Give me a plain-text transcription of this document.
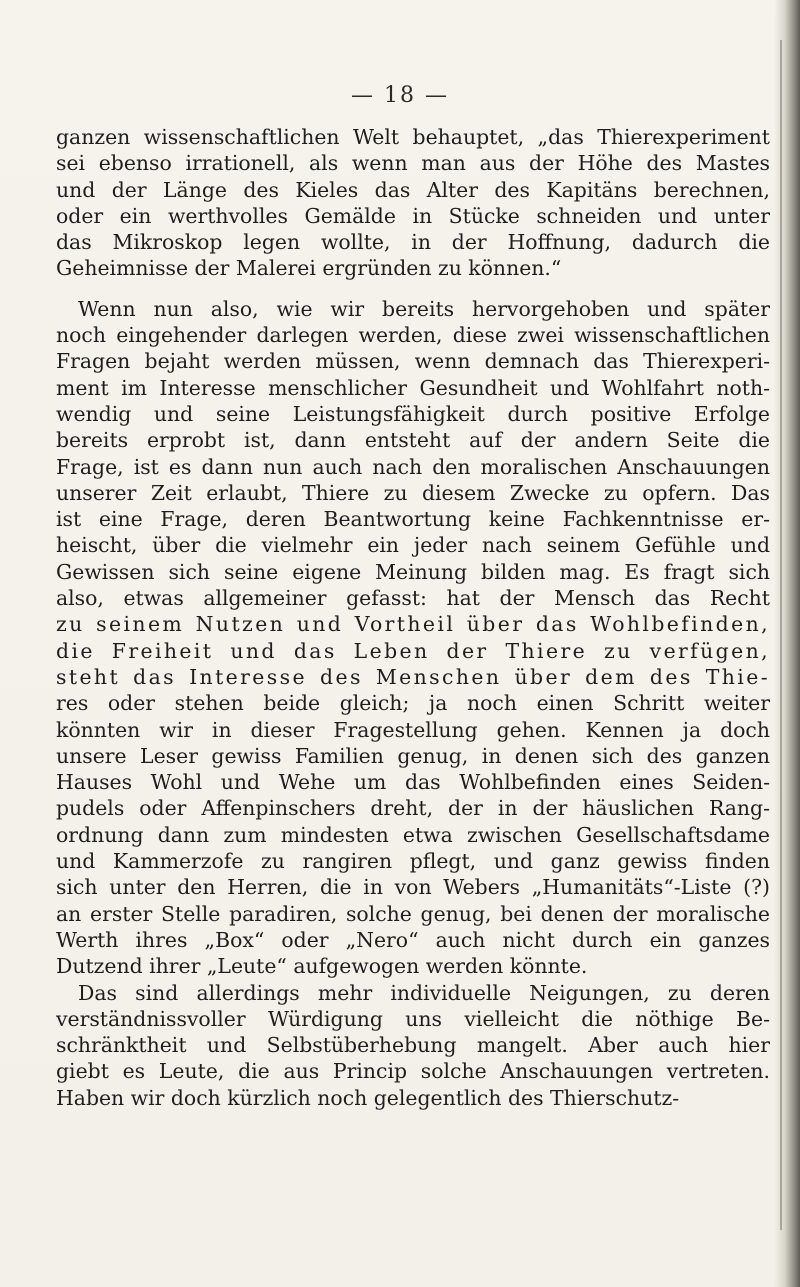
— 18 —
ganzen wissenschaftlichen Welt behauptet, „das Thierexperiment
sei ebenso irrationell, als wenn man aus der Höhe des Mastes
und der Länge des Kieles das Alter des Kapitäns berechnen,
oder ein werthvolles Gemälde in Stücke schneiden und unter
das Mikroskop legen wollte, in der Hoffnung, dadurch die
Geheimnisse der Malerei ergründen zu können.“
Wenn nun also, wie wir bereits hervorgehoben und später
noch eingehender darlegen werden, diese zwei wissenschaftlichen
Fragen bejaht werden müssen, wenn demnach das Thierexperi-
ment im Interesse menschlicher Gesundheit und Wohlfahrt noth-
wendig und seine Leistungsfähigkeit durch positive Erfolge
bereits erprobt ist, dann entsteht auf der andern Seite die
Frage, ist es dann nun auch nach den moralischen Anschauungen
unserer Zeit erlaubt, Thiere zu diesem Zwecke zu opfern. Das
ist eine Frage, deren Beantwortung keine Fachkenntnisse er-
heischt, über die vielmehr ein jeder nach seinem Gefühle und
Gewissen sich seine eigene Meinung bilden mag. Es fragt sich
also, etwas allgemeiner gefasst: hat der Mensch das Recht
zu seinem Nutzen und Vortheil über das Wohlbefinden,
die Freiheit und das Leben der Thiere zu verfügen,
steht das Interesse des Menschen über dem des Thie-
res oder stehen beide gleich; ja noch einen Schritt weiter
könnten wir in dieser Fragestellung gehen. Kennen ja doch
unsere Leser gewiss Familien genug, in denen sich des ganzen
Hauses Wohl und Wehe um das Wohlbefinden eines Seiden-
pudels oder Affenpinschers dreht, der in der häuslichen Rang-
ordnung dann zum mindesten etwa zwischen Gesellschaftsdame
und Kammerzofe zu rangiren pflegt, und ganz gewiss finden
sich unter den Herren, die in von Webers „Humanitäts“-Liste (?)
an erster Stelle paradiren, solche genug, bei denen der moralische
Werth ihres „Box“ oder „Nero“ auch nicht durch ein ganzes
Dutzend ihrer „Leute“ aufgewogen werden könnte.
Das sind allerdings mehr individuelle Neigungen, zu deren
verständnissvoller Würdigung uns vielleicht die nöthige Be-
schränktheit und Selbstüberhebung mangelt. Aber auch hier
giebt es Leute, die aus Princip solche Anschauungen vertreten.
Haben wir doch kürzlich noch gelegentlich des Thierschutz-
